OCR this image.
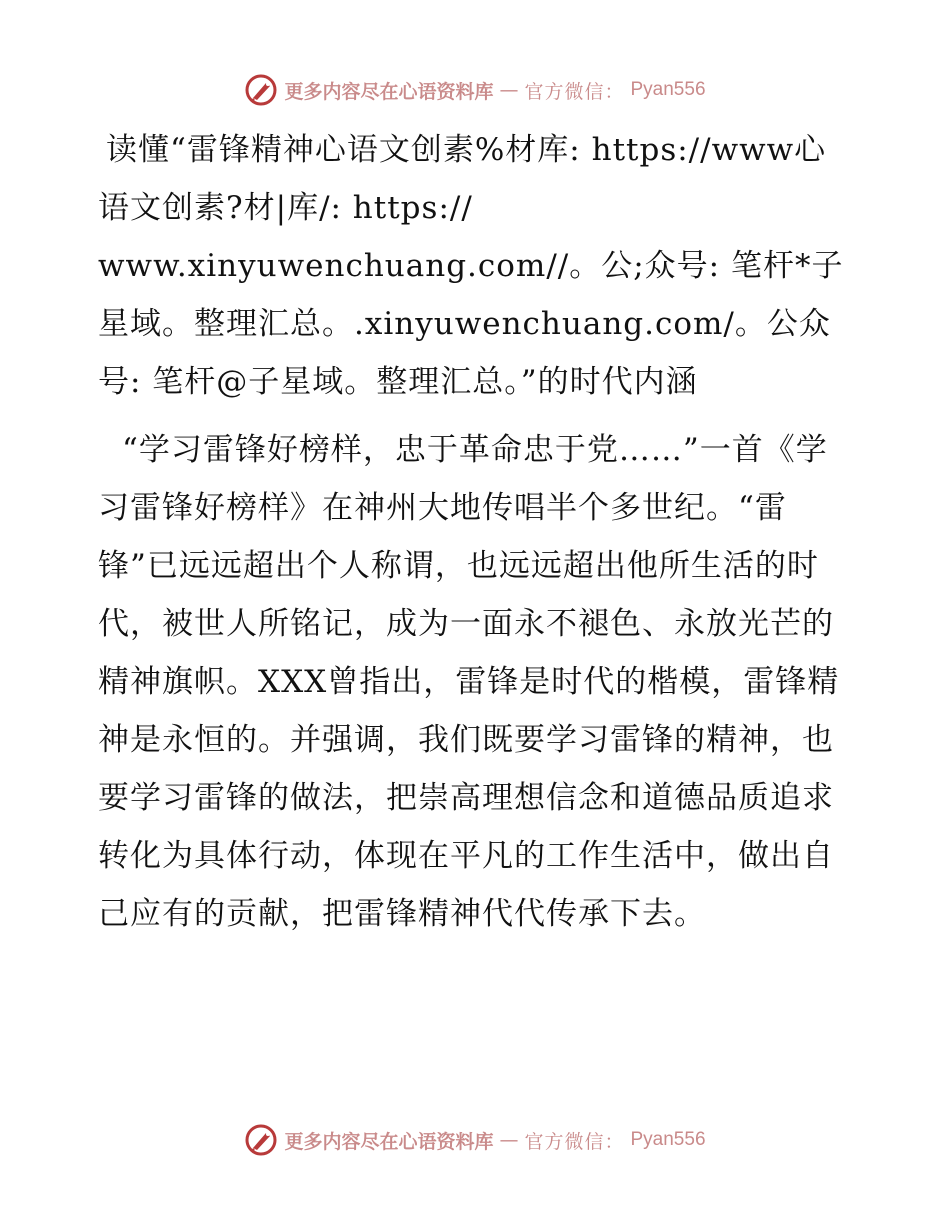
更多内容尽在心语资料库 — 官方微信： Pyan556

读懂“雷锋精神心语文创素%材库: https://www心语文创素?材|库/: https:// www.xinyuwenchuang.com//。公;众号: 笔杆*子星域。整理汇总。.xinyuwenchuang.com/。公众号: 笔杆@子星域。整理汇总。”的时代内涵

“学习雷锋好榜样，忠于革命忠于党……”一首《学习雷锋好榜样》在神州大地传唱半个多世纪。“雷锋”已远远超出个人称谓，也远远超出他所生活的时代，被世人所铭记，成为一面永不褪色、永放光芒的精神旗帜。XXX曾指出，雷锋是时代的楷模，雷锋精神是永恒的。并强调，我们既要学习雷锋的精神，也要学习雷锋的做法，把崇高理想信念和道德品质追求转化为具体行动，体现在平凡的工作生活中，做出自己应有的贡献，把雷锋精神代代传承下去。

更多内容尽在心语资料库 — 官方微信： Pyan556
